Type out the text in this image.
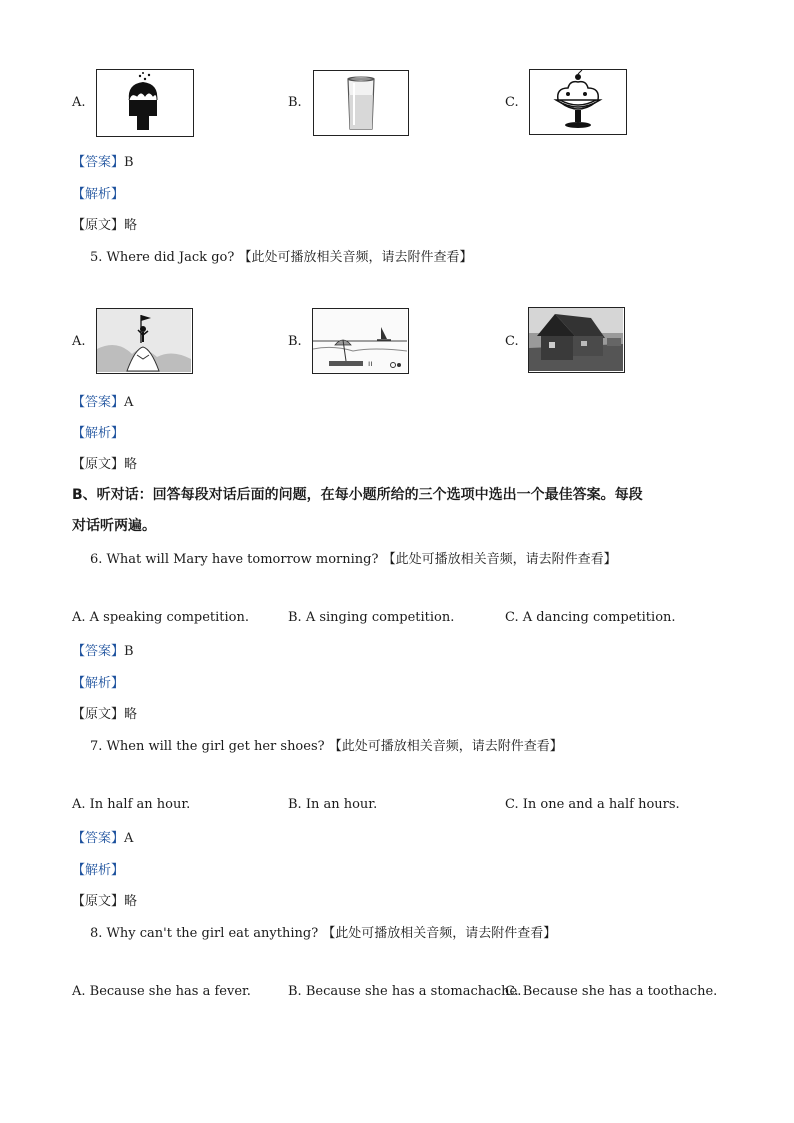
A.	B.	C.
【答案】B
【解析】
【原文】略
5. Where did Jack go? 【此处可播放相关音频，请去附件查看】
A.	B.
ıı
C.
【答案】A
【解析】
【原文】略
B、听对话：回答每段对话后面的问题，在每小题所给的三个选项中选出一个最佳答案。每段
对话听两遍。
6. What will Mary have tomorrow morning? 【此处可播放相关音频，请去附件查看】
A. A speaking competition.	B. A singing competition.	C. A dancing competition.
【答案】B
【解析】
【原文】略
7. When will the girl get her shoes? 【此处可播放相关音频，请去附件查看】
A. In half an hour.	B. In an hour.	C. In one and a half hours.
【答案】A
【解析】
【原文】略
8. Why can't the girl eat anything? 【此处可播放相关音频，请去附件查看】
A. Because she has a fever.	B. Because she has a stomachache.
C. Because she has a toothache.
